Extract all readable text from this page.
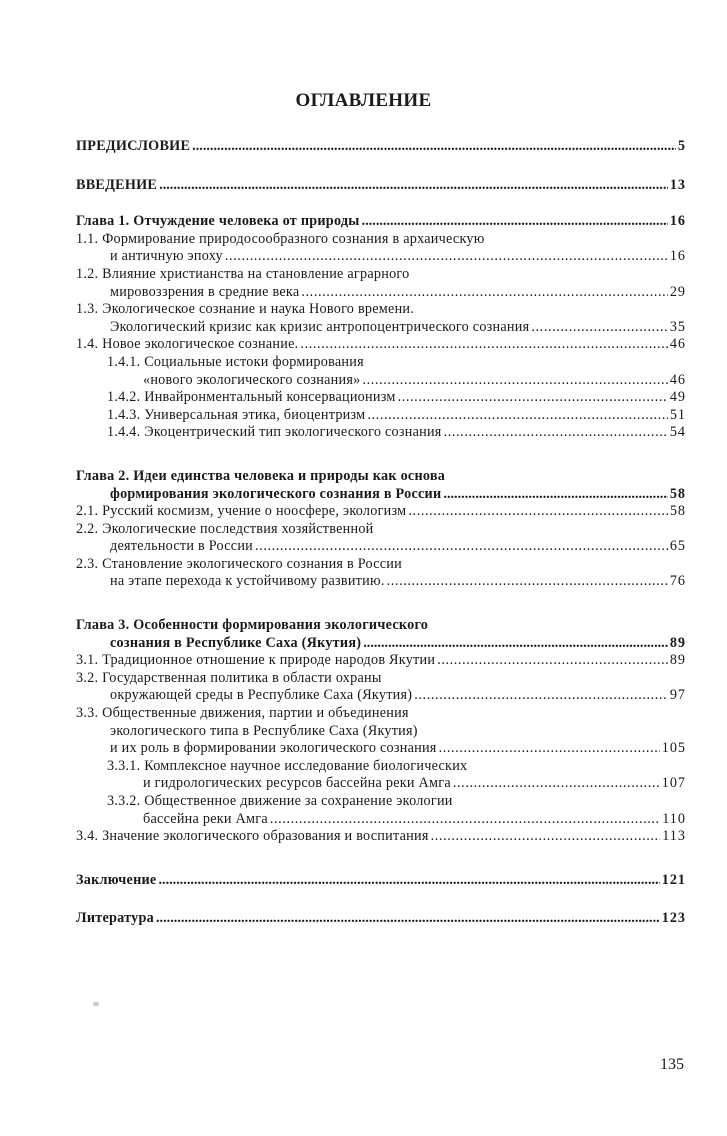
ОГЛАВЛЕНИЕ
ПРЕДИСЛОВИЕ .....	5
ВВЕДЕНИЕ .....	13
Глава 1. Отчуждение человека от природы .....	16
1.1. Формирование природосообразного сознания в архаическую
и античную эпоху .....	16
1.2. Влияние христианства на становление аграрного
мировоззрения в средние века .....	29
1.3. Экологическое сознание и наука Нового времени.
Экологический кризис как кризис антропоцентрического сознания .....	35
1.4. Новое экологическое сознание. .....	46
1.4.1. Социальные истоки формирования
«нового экологического сознания» .....	46
1.4.2. Инвайронментальный консервационизм .....	49
1.4.3. Универсальная этика, биоцентризм .....	51
1.4.4. Экоцентрический тип экологического сознания .....	54
Глава 2. Идеи единства человека и природы как основа
формирования экологического сознания в России .....	58
2.1. Русский космизм, учение о ноосфере, экологизм .....	58
2.2. Экологические последствия хозяйственной
деятельности в России .....	65
2.3. Становление экологического сознания в России
на этапе перехода к устойчивому развитию. .....	76
Глава 3. Особенности формирования экологического
сознания в Республике Саха (Якутия) .....	89
3.1. Традиционное отношение к природе народов Якутии .....	89
3.2. Государственная политика в области охраны
окружающей среды в Республике Саха (Якутия) .....	97
3.3. Общественные движения, партии и объединения
экологического типа в Республике Саха (Якутия)
и их роль в формировании экологического сознания .....	105
3.3.1. Комплексное научное исследование биологических
и гидрологических ресурсов бассейна реки Амга .....	107
3.3.2. Общественное движение за сохранение экологии
бассейна реки Амга .....	110
3.4. Значение экологического образования и воспитания .....	113
Заключение .....	121
Литература .....	123
135
